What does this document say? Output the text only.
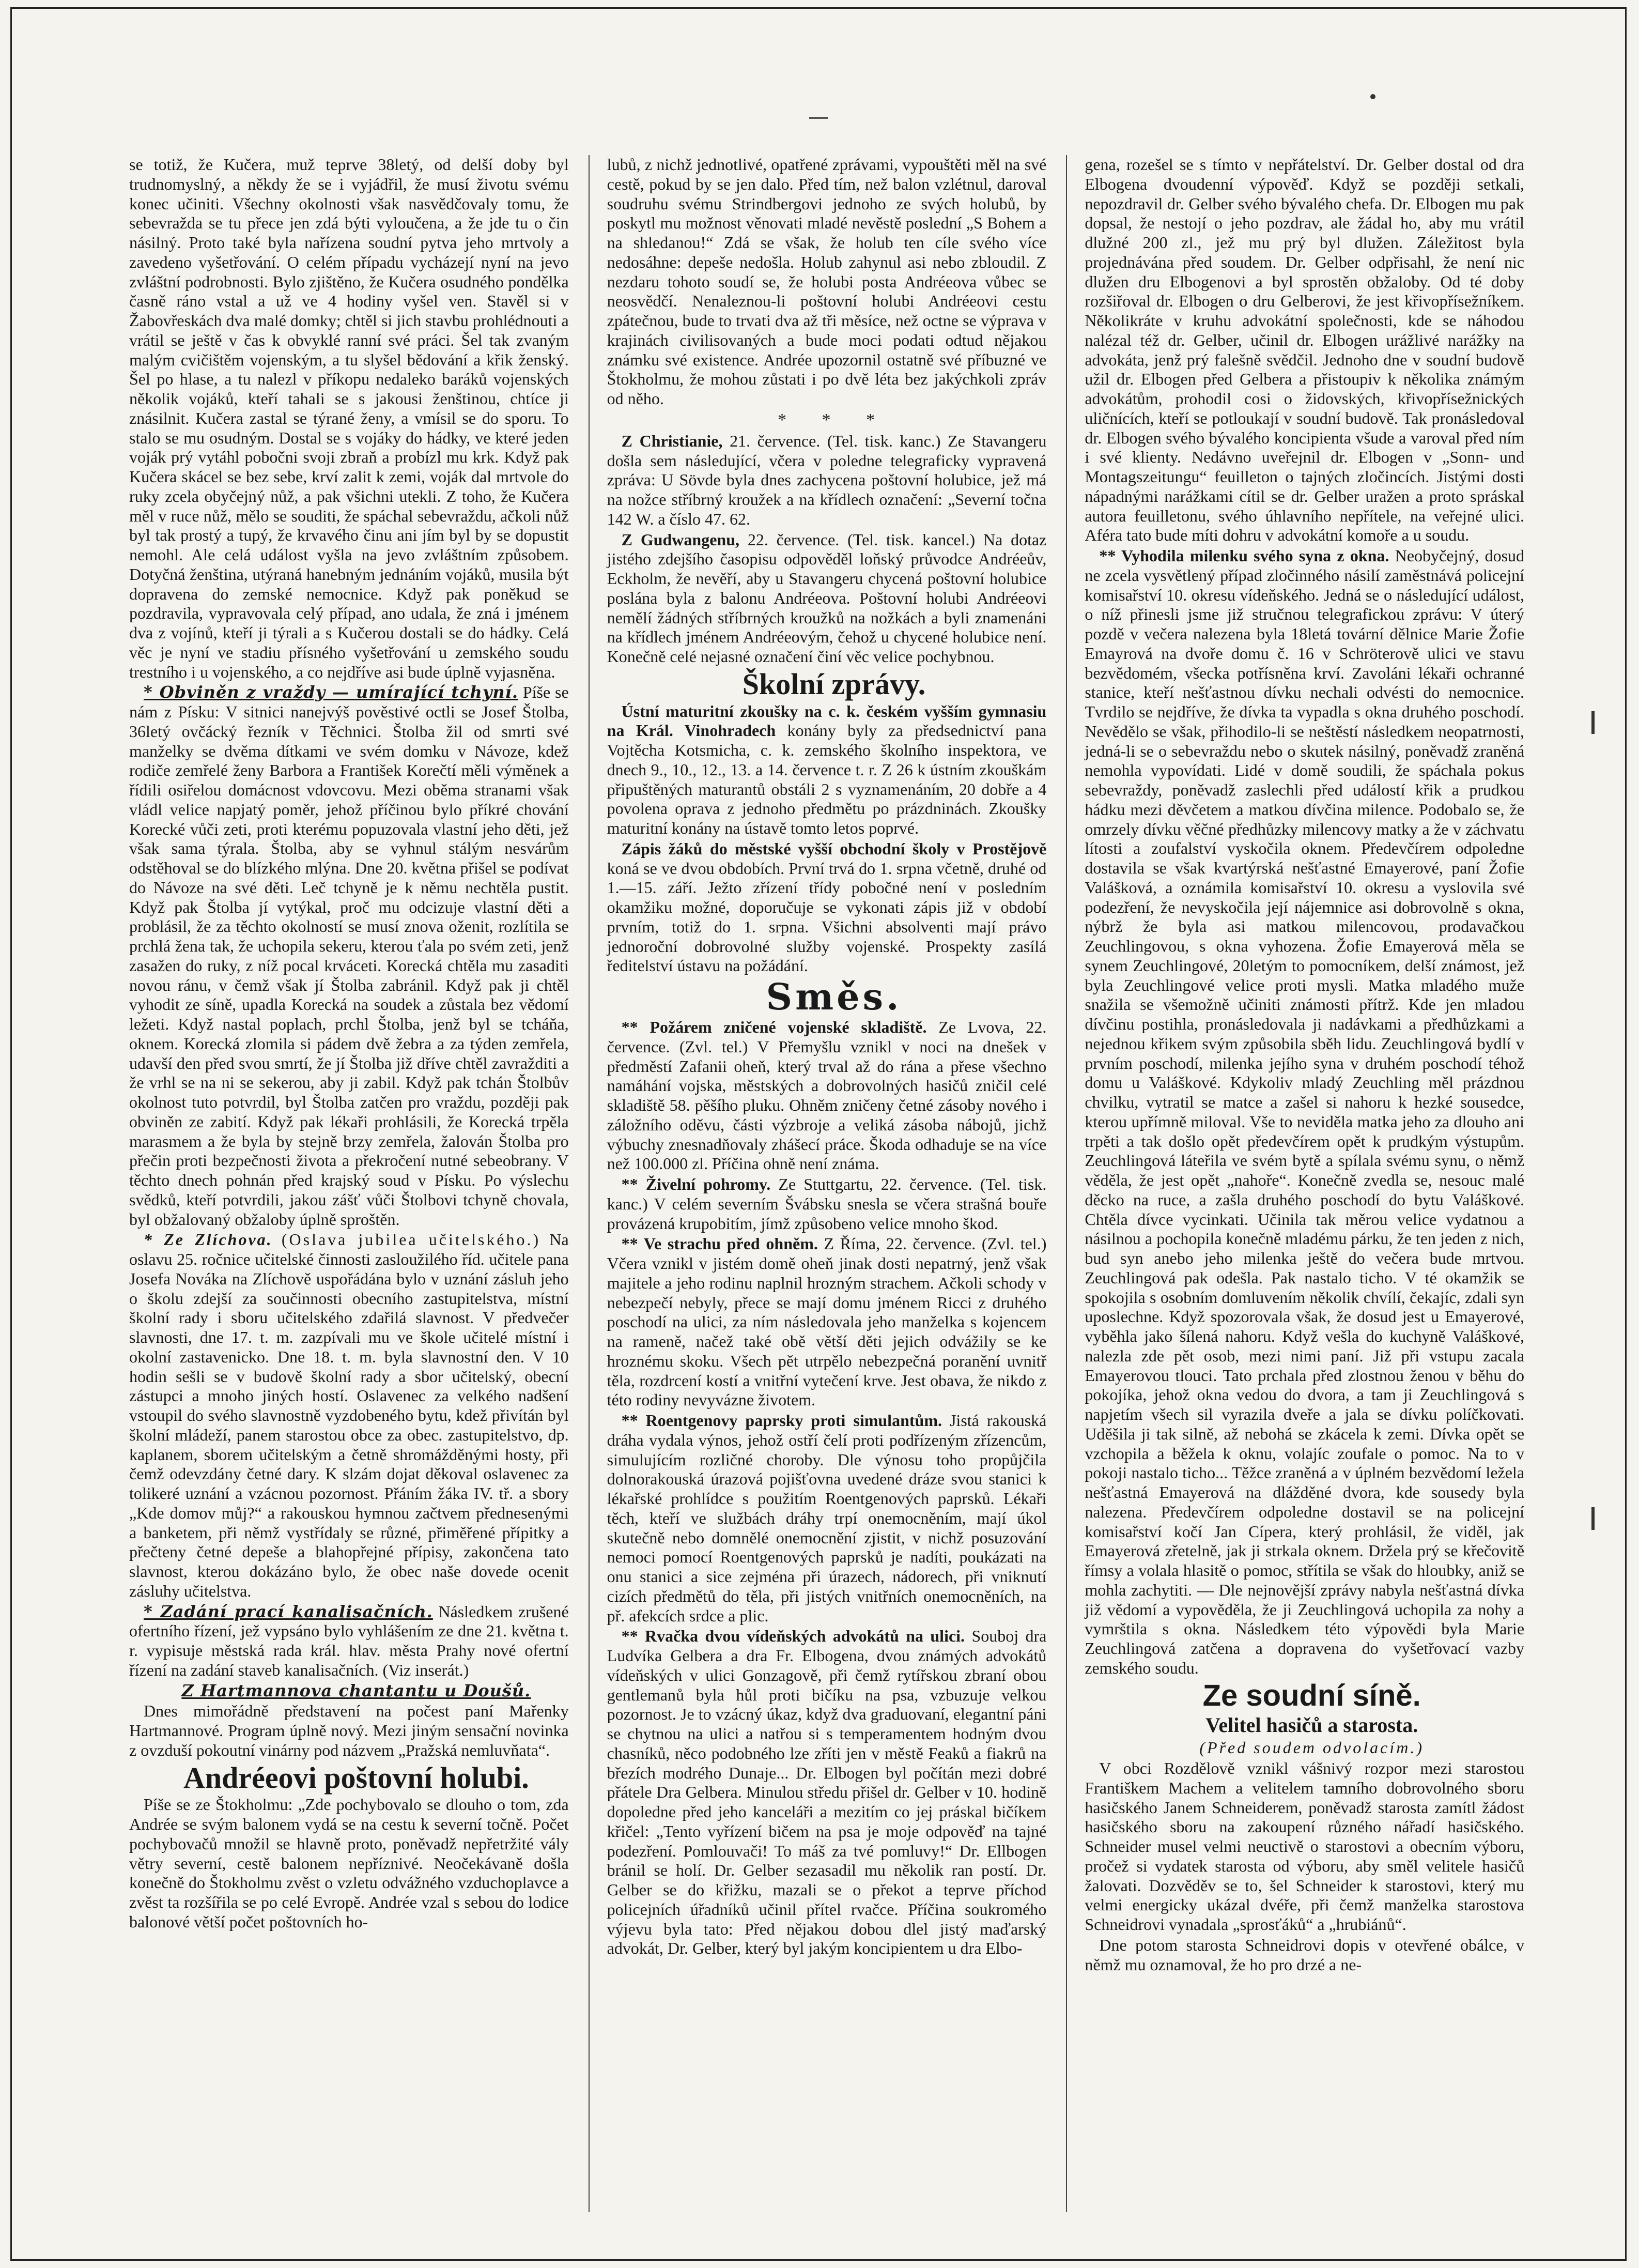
se totiž, že Kučera, muž teprve 38letý, od delší doby byl trudnomyslný, a někdy že se i vyjádřil, že musí životu svému konec učiniti. Všechny okolnosti však nasvědčovaly tomu, že sebevražda se tu přece jen zdá býti vyloučena, a že jde tu o čin násilný. Proto také byla nařízena soudní pytva jeho mrtvoly a zavedeno vyšetřování. O celém případu vycházejí nyní na jevo zvláštní podrobnosti. Bylo zjištěno, že Kučera osudného pondělka časně ráno vstal a už ve 4 hodiny vyšel ven. Stavěl si v Žabovřeskách dva malé domky; chtěl si jich stavbu prohlédnouti a vrátil se ještě v čas k obvyklé ranní své práci. Šel tak zvaným malým cvičištěm vojenským, a tu slyšel bědování a křik ženský. Šel po hlase, a tu nalezl v příkopu nedaleko baráků vojenských několik vojáků, kteří tahali se s jakousi ženštinou, chtíce ji znásilnit. Kučera zastal se týrané ženy, a vmísil se do sporu. To stalo se mu osudným. Dostal se s vojáky do hádky, ve které jeden voják prý vytáhl pobočni svoji zbraň a probízl mu krk. Když pak Kučera skácel se bez sebe, krví zalit k zemi, voják dal mrtvole do ruky zcela obyčejný nůž, a pak všichni utekli. Z toho, že Kučera měl v ruce nůž, mělo se souditi, že spáchal sebevraždu, ačkoli nůž byl tak prostý a tupý, že krvavého činu ani jím byl by se dopustit nemohl. Ale celá událost vyšla na jevo zvláštním způsobem. Dotyčná ženština, utýraná hanebným jednáním vojáků, musila být dopravena do zemské nemocnice. Když pak poněkud se pozdravila, vypravovala celý případ, ano udala, že zná i jménem dva z vojínů, kteří ji týrali a s Kučerou dostali se do hádky. Celá věc je nyní ve stadiu přísného vyšetřování u zemského soudu trestního i u vojenského, a co nejdříve asi bude úplně vyjasněna.

* Obviněn z vraždy — umírající tchyní. Píše se nám z Písku: V sitnici nanejvýš pověstivé octli se Josef Štolba, 36letý ovčácký řezník v Těchnici. Štolba žil od smrti své manželky se dvěma dítkami ve svém domku v Návoze, kdež rodiče zemřelé ženy Barbora a František Korečtí měli výměnek a řídili osiřelou domácnost vdovcovu. Mezi oběma stranami však vládl velice napjatý poměr, jehož příčinou bylo příkré chování Korecké vůči zeti, proti kterému popuzovala vlastní jeho děti, jež však sama týrala. Štolba, aby se vyhnul stálým nesvárům odstěhoval se do blízkého mlýna. Dne 20. května přišel se podívat do Návoze na své děti. Leč tchyně je k němu nechtěla pustit. Když pak Štolba jí vytýkal, proč mu odcizuje vlastní děti a problásil, že za těchto okolností se musí znova oženit, rozlítila se prchlá žena tak, že uchopila sekeru, kterou ťala po svém zeti, jenž zasažen do ruky, z níž pocal krváceti. Korecká chtěla mu zasaditi novou ránu, v čemž však jí Štolba zabránil. Když pak ji chtěl vyhodit ze síně, upadla Korecká na soudek a zůstala bez vědomí ležeti. Když nastal poplach, prchl Štolba, jenž byl se tcháňa, oknem. Korecká zlomila si pádem dvě žebra a za týden zemřela, udavší den před svou smrtí, že jí Štolba již dříve chtěl zavražditi a že vrhl se na ni se sekerou, aby ji zabil. Když pak tchán Štolbův okolnost tuto potvrdil, byl Štolba zatčen pro vraždu, později pak obviněn ze zabití. Když pak lékaři prohlásili, že Korecká trpěla marasmem a že byla by stejně brzy zemřela, žalován Štolba pro přečin proti bezpečnosti života a překročení nutné sebeobrany. V těchto dnech pohnán před krajský soud v Písku. Po výslechu svědků, kteří potvrdili, jakou zášť vůči Štolbovi tchyně chovala, byl obžalovaný obžaloby úplně sproštěn.

* Ze Zlíchova. (Oslava jubilea učitelského.) Na oslavu 25. ročnice učitelské činnosti zasloužilého říd. učitele pana Josefa Nováka na Zlíchově uspořádána bylo v uznání zásluh jeho o školu zdejší za součinnosti obecního zastupitelstva, místní školní rady i sboru učitelského zdařilá slavnost. V předvečer slavnosti, dne 17. t. m. zazpívali mu ve škole učitelé místní i okolní zastavenicko. Dne 18. t. m. byla slavnostní den. V 10 hodin sešli se v budově školní rady a sbor učitelský, obecní zástupci a mnoho jiných hostí. Oslavenec za velkého nadšení vstoupil do svého slavnostně vyzdobeného bytu, kdež přivítán byl školní mládeží, panem starostou obce za obec. zastupitelstvo, dp. kaplanem, sborem učitelským a četně shromážděnými hosty, při čemž odevzdány četné dary. K slzám dojat děkoval oslavenec za tolikeré uznání a vzácnou pozornost. Přáním žáka IV. tř. a sbory „Kde domov můj?“ a rakouskou hymnou začtvem přednesenými a banketem, při němž vystřídaly se různé, přiměřené přípitky a přečteny četné depeše a blahopřejné přípisy, zakončena tato slavnost, kterou dokázáno bylo, že obec naše dovede ocenit zásluhy učitelstva.

* Zadání prací kanalisačních. Následkem zrušené ofertního řízení, jež vypsáno bylo vyhlášením ze dne 21. května t. r. vypisuje městská rada král. hlav. města Prahy nové ofertní řízení na zadání staveb kanalisačních. (Viz inserát.)

Z Hartmannova chantantu u Doušů.

Dnes mimořádně představení na počest paní Mařenky Hartmannové. Program úplně nový. Mezi jiným sensační novinka z ovzduší pokoutní vinárny pod názvem „Pražská nemluvňata“.

Andréeovi poštovní holubi.

Píše se ze Štokholmu: „Zde pochybovalo se dlouho o tom, zda Andrée se svým balonem vydá se na cestu k severní točně. Počet pochybovačů množil se hlavně proto, poněvadž nepřetržité vály větry severní, cestě balonem nepříznivé. Neočekávaně došla konečně do Štokholmu zvěst o vzletu odvážného vzduchoplavce a zvěst ta rozšířila se po celé Evropě. Andrée vzal s sebou do lodice balonové větší počet poštovních ho-

lubů, z nichž jednotlivé, opatřené zprávami, vypouštěti měl na své cestě, pokud by se jen dalo. Před tím, než balon vzlétnul, daroval soudruhu svému Strindbergovi jednoho ze svých holubů, by poskytl mu možnost věnovati mladé nevěstě poslední „S Bohem a na shledanou!“ Zdá se však, že holub ten cíle svého více nedosáhne: depeše nedošla. Holub zahynul asi nebo zbloudil. Z nezdaru tohoto soudí se, že holubi posta Andréeova vůbec se neosvědčí. Nenaleznou-li poštovní holubi Andréeovi cestu zpátečnou, bude to trvati dva až tři měsíce, než octne se výprava v krajinách civilisovaných a bude moci podati odtud nějakou známku své existence. Andrée upozornil ostatně své příbuzné ve Štokholmu, že mohou zůstati i po dvě léta bez jakýchkoli zpráv od něho.

* * *

Z Christianie, 21. července. (Tel. tisk. kanc.) Ze Stavangeru došla sem následující, včera v poledne telegraficky vypravená zpráva: U Sövde byla dnes zachycena poštovní holubice, jež má na nožce stříbrný kroužek a na křídlech označení: „Severní točna 142 W. a číslo 47. 62.

Z Gudwangenu, 22. července. (Tel. tisk. kancel.) Na dotaz jistého zdejšího časopisu odpověděl loňský průvodce Andréeův, Eckholm, že nevěří, aby u Stavangeru chycená poštovní holubice poslána byla z balonu Andréeova. Poštovní holubi Andréeovi nemělí žádných stříbrných kroužků na nožkách a byli znamenáni na křídlech jménem Andréeovým, čehož u chycené holubice není. Konečně celé nejasné označení činí věc velice pochybnou.

Školní zprávy.

Ústní maturitní zkoušky na c. k. českém vyšším gymnasiu na Král. Vinohradech konány byly za předsednictví pana Vojtěcha Kotsmicha, c. k. zemského školního inspektora, ve dnech 9., 10., 12., 13. a 14. července t. r. Z 26 k ústním zkouškám připuštěných maturantů obstáli 2 s vyznamenáním, 20 dobře a 4 povolena oprava z jednoho předmětu po prázdninách. Zkoušky maturitní konány na ústavě tomto letos poprvé.

Zápis žáků do městské vyšší obchodní školy v Prostějově koná se ve dvou obdobích. První trvá do 1. srpna včetně, druhé od 1.—15. září. Ježto zřízení třídy pobočné není v posledním okamžiku možné, doporučuje se vykonati zápis již v období prvním, totiž do 1. srpna. Všichni absolventi mají právo jednoroční dobrovolné služby vojenské. Prospekty zasílá ředitelství ústavu na požádání.

Směs.

** Požárem zničené vojenské skladiště. Ze Lvova, 22. července. (Zvl. tel.) V Přemyšlu vznikl v noci na dnešek v předměstí Zafanii oheň, který trval až do rána a přese všechno namáhání vojska, městských a dobrovolných hasičů zničil celé skladiště 58. pěšího pluku. Ohněm zničeny četné zásoby nového i záložního oděvu, části výzbroje a veliká zásoba nábojů, jichž výbuchy znesnadňovaly zhášecí práce. Škoda odhaduje se na více než 100.000 zl. Příčina ohně není známa.

** Živelní pohromy. Ze Stuttgartu, 22. července. (Tel. tisk. kanc.) V celém severním Švábsku snesla se včera strašná bouře provázená krupobitím, jímž způsobeno velice mnoho škod.

** Ve strachu před ohněm. Z Říma, 22. července. (Zvl. tel.) Včera vznikl v jistém domě oheň jinak dosti nepatrný, jenž však majitele a jeho rodinu naplnil hrozným strachem. Ačkoli schody v nebezpečí nebyly, přece se mají domu jménem Ricci z druhého poschodí na ulici, za ním následovala jeho manželka s kojencem na rameně, načež také obě větší děti jejich odvážily se ke hroznému skoku. Všech pět utrpělo nebezpečná poranění uvnitř těla, rozdrcení kostí a vnitřní vytečení krve. Jest obava, že nikdo z této rodiny nevyvázne životem.

** Roentgenovy paprsky proti simulantům. Jistá rakouská dráha vydala výnos, jehož ostří čelí proti podřízeným zřízencům, simulujícím rozličné choroby. Dle výnosu toho propůjčila dolnorakouská úrazová pojišťovna uvedené dráze svou stanici k lékařské prohlídce s použitím Roentgenových paprsků. Lékaři těch, kteří ve službách dráhy trpí onemocněním, mají úkol skutečně nebo domnělé onemocnění zjistit, v nichž posuzování nemoci pomocí Roentgenových paprsků je nadíti, poukázati na onu stanici a sice zejména při úrazech, nádorech, při vniknutí cizích předmětů do těla, při jistých vnitřních onemocněních, na př. afekcích srdce a plic.

** Rvačka dvou vídeňských advokátů na ulici. Souboj dra Ludvíka Gelbera a dra Fr. Elbogena, dvou známých advokátů vídeňských v ulici Gonzagově, při čemž rytířskou zbraní obou gentlemanů byla hůl proti bičíku na psa, vzbuzuje velkou pozornost. Je to vzácný úkaz, když dva graduovaní, elegantní páni se chytnou na ulici a natřou si s temperamentem hodným dvou chasníků, něco podobného lze zříti jen v městě Feaků a fiakrů na březích modrého Dunaje... Dr. Elbogen byl počítán mezi dobré přátele Dra Gelbera. Minulou středu přišel dr. Gelber v 10. hodině dopoledne před jeho kanceláři a mezitím co jej práskal bičíkem křičel: „Tento vyřízení bičem na psa je moje odpověď na tajné podezření. Pomlouvači! To máš za tvé pomluvy!“ Dr. Ellbogen bránil se holí. Dr. Gelber sezasadil mu několik ran postí. Dr. Gelber se do křižku, mazali se o překot a teprve příchod policejních úřadníků učinil přítel rvačce. Příčina soukromého výjevu byla tato: Před nějakou dobou dlel jistý maďarský advokát, Dr. Gelber, který byl jakým koncipientem u dra Elbo-

gena, rozešel se s tímto v nepřátelství. Dr. Gelber dostal od dra Elbogena dvoudenní výpověď. Když se později setkali, nepozdravil dr. Gelber svého bývalého chefa. Dr. Elbogen mu pak dopsal, že nestojí o jeho pozdrav, ale žádal ho, aby mu vrátil dlužné 200 zl., jež mu prý byl dlužen. Záležitost byla projednávána před soudem. Dr. Gelber odpřisahl, že není nic dlužen dru Elbogenovi a byl sprostěn obžaloby. Od té doby rozšiřoval dr. Elbogen o dru Gelberovi, že jest křivopřísežníkem. Několikráte v kruhu advokátní společnosti, kde se náhodou nalézal též dr. Gelber, učinil dr. Elbogen urážlivé narážky na advokáta, jenž prý falešně svědčil. Jednoho dne v soudní budově užil dr. Elbogen před Gelbera a přistoupiv k několika známým advokátům, prohodil cosi o židovských, křivopřísežnických uličnících, kteří se potloukají v soudní budově. Tak pronásledoval dr. Elbogen svého bývalého koncipienta všude a varoval před ním i své klienty. Nedávno uveřejnil dr. Elbogen v „Sonn- und Montagszeitungu“ feuilleton o tajných zločincích. Jistými dosti nápadnými narážkami cítil se dr. Gelber uražen a proto spráskal autora feuilletonu, svého úhlavního nepřítele, na veřejné ulici. Aféra tato bude míti dohru v advokátní komoře a u soudu.

** Vyhodila milenku svého syna z okna. Neobyčejný, dosud ne zcela vysvětlený případ zločinného násilí zaměstnává policejní komisařství 10. okresu vídeňského. Jedná se o následující událost, o níž přinesli jsme již stručnou telegrafickou zprávu: V úterý pozdě v večera nalezena byla 18letá tovární dělnice Marie Žofie Emayrová na dvoře domu č. 16 v Schröterově ulici ve stavu bezvědomém, všecka potřísněna krví. Zavoláni lékaři ochranné stanice, kteří nešťastnou dívku nechali odvésti do nemocnice. Tvrdilo se nejdříve, že dívka ta vypadla s okna druhého poschodí. Nevědělo se však, přihodilo-li se neštěstí následkem neopatrnosti, jedná-li se o sebevraždu nebo o skutek násilný, poněvadž zraněná nemohla vypovídati. Lidé v domě soudili, že spáchala pokus sebevraždy, poněvadž zaslechli před událostí křik a prudkou hádku mezi děvčetem a matkou dívčina milence. Podobalo se, že omrzely dívku věčné předhůzky milencovy matky a že v záchvatu lítosti a zoufalství vyskočila oknem. Předevčírem odpoledne dostavila se však kvartýrská nešťastné Emayerové, paní Žofie Valášková, a oznámila komisařství 10. okresu a vyslovila své podezření, že nevyskočila její nájemnice asi dobrovolně s okna, nýbrž že byla asi matkou milencovou, prodavačkou Zeuchlingovou, s okna vyhozena. Žofie Emayerová měla se synem Zeuchlingové, 20letým to pomocníkem, delší známost, jež byla Zeuchlingové velice proti mysli. Matka mladého muže snažila se všemožně učiniti známosti přítrž. Kde jen mladou dívčinu postihla, pronásledovala ji nadávkami a předhůzkami a nejednou křikem svým způsobila sběh lidu. Zeuchlingová bydlí v prvním poschodí, milenka jejího syna v druhém poschodí téhož domu u Valáškové. Kdykoliv mladý Zeuchling měl prázdnou chvilku, vytratil se matce a zašel si nahoru k hezké sousedce, kterou upřímně miloval. Vše to neviděla matka jeho za dlouho ani trpěti a tak došlo opět předevčírem opět k prudkým výstupům. Zeuchlingová láteřila ve svém bytě a spílala svému synu, o němž věděla, že jest opět „nahoře“. Konečně zvedla se, nesouc malé děcko na ruce, a zašla druhého poschodí do bytu Valáškové. Chtěla dívce vycinkati. Učinila tak měrou velice vydatnou a násilnou a pochopila konečně mladému párku, že ten jeden z nich, bud syn anebo jeho milenka ještě do večera bude mrtvou. Zeuchlingová pak odešla. Pak nastalo ticho. V té okamžik se spokojila s osobním domluvením několik chvílí, čekajíc, zdali syn uposlechne. Když spozorovala však, že dosud jest u Emayerové, vyběhla jako šílená nahoru. Když vešla do kuchyně Valáškové, nalezla zde pět osob, mezi nimi paní. Již při vstupu zacala Emayerovou tlouci. Tato prchala před zlostnou ženou v běhu do pokojíka, jehož okna vedou do dvora, a tam ji Zeuchlingová s napjetím všech sil vyrazila dveře a jala se dívku políčkovati. Uděšila ji tak silně, až nebohá se zkácela k zemi. Dívka opět se vzchopila a běžela k oknu, volajíc zoufale o pomoc. Na to v pokoji nastalo ticho... Těžce zraněná a v úplném bezvědomí ležela nešťastná Emayerová na dlážděné dvora, kde sousedy byla nalezena. Předevčírem odpoledne dostavil se na policejní komisařství kočí Jan Cípera, který prohlásil, že viděl, jak Emayerová zřetelně, jak ji strkala oknem. Držela prý se křečovitě římsy a volala hlasitě o pomoc, střítila se však do hloubky, aniž se mohla zachytiti. — Dle nejnovější zprávy nabyla nešťastná dívka již vědomí a vypověděla, že ji Zeuchlingová uchopila za nohy a vymrštila s okna. Následkem této výpovědi byla Marie Zeuchlingová zatčena a dopravena do vyšetřovací vazby zemského soudu.

Ze soudní síně.

Velitel hasičů a starosta.

(Před soudem odvolacím.)

V obci Rozdělově vznikl vášnivý rozpor mezi starostou Františkem Machem a velitelem tamního dobrovolného sboru hasičského Janem Schneiderem, poněvadž starosta zamítl žádost hasičského sboru na zakoupení různého nářadí hasičského. Schneider musel velmi neuctivě o starostovi a obecním výboru, pročež si vydatek starosta od výboru, aby směl velitele hasičů žalovati. Dozvěděv se to, šel Schneider k starostovi, který mu velmi energicky ukázal dvéře, při čemž manželka starostova Schneidrovi vynadala „sprosťáků“ a „hrubiánů“.

Dne potom starosta Schneidrovi dopis v otevřené obálce, v němž mu oznamoval, že ho pro drzé a ne-
